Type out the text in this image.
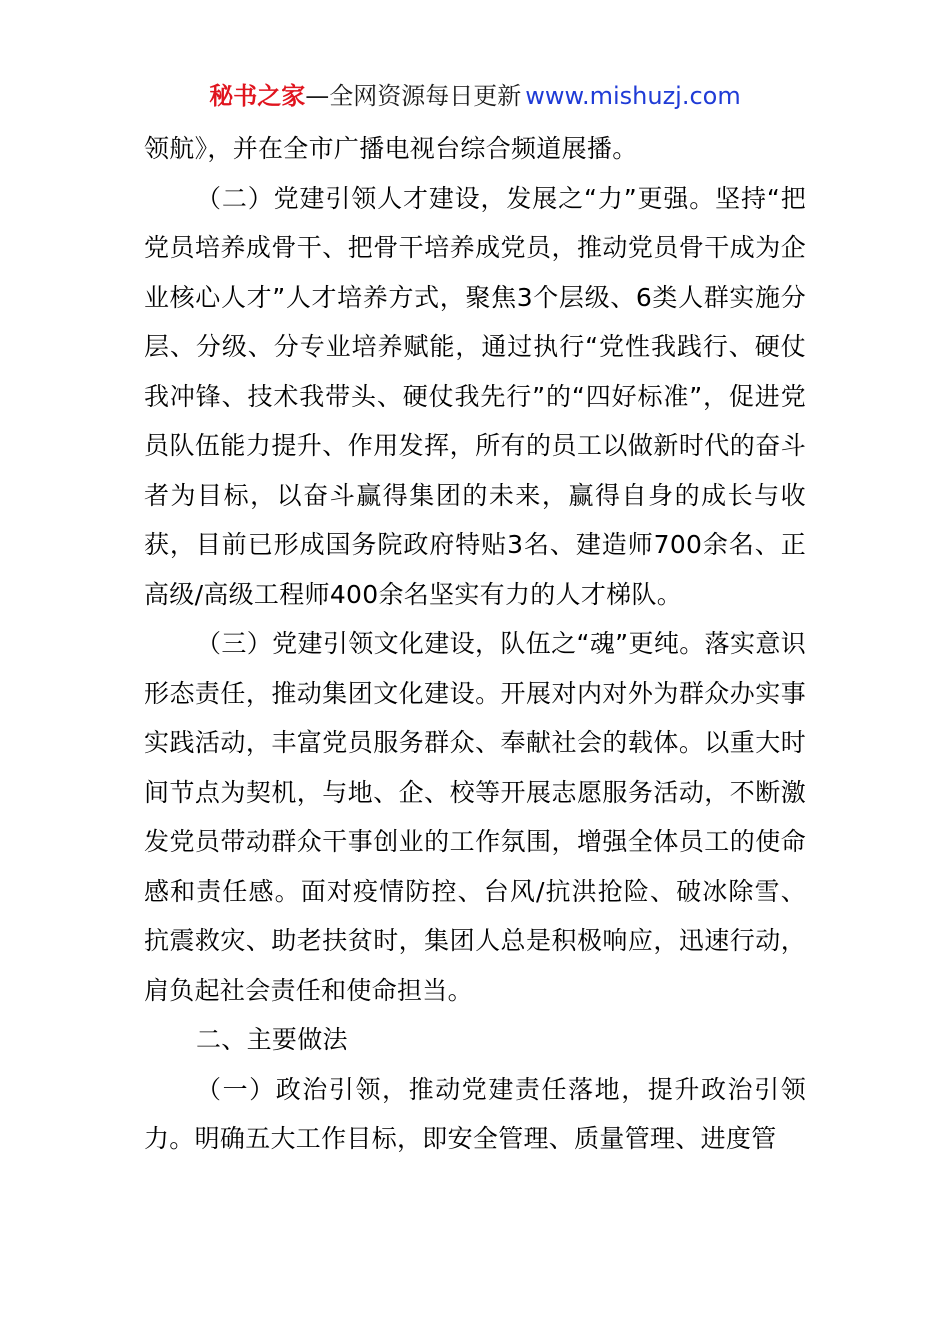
秘书之家—全网资源每日更新 www.mishuzj.com

领航》，并在全市广播电视台综合频道展播。

（二）党建引领人才建设，发展之“力”更强。坚持“把党员培养成骨干、把骨干培养成党员，推动党员骨干成为企业核心人才”人才培养方式，聚焦3个层级、6类人群实施分层、分级、分专业培养赋能，通过执行“党性我践行、硬仗我冲锋、技术我带头、硬仗我先行”的“四好标准”，促进党员队伍能力提升、作用发挥，所有的员工以做新时代的奋斗者为目标，以奋斗赢得集团的未来，赢得自身的成长与收获，目前已形成国务院政府特贴3名、建造师700余名、正高级/高级工程师400余名坚实有力的人才梯队。

（三）党建引领文化建设，队伍之“魂”更纯。落实意识形态责任，推动集团文化建设。开展对内对外为群众办实事实践活动，丰富党员服务群众、奉献社会的载体。以重大时间节点为契机，与地、企、校等开展志愿服务活动，不断激发党员带动群众干事创业的工作氛围，增强全体员工的使命感和责任感。面对疫情防控、台风/抗洪抢险、破冰除雪、抗震救灾、助老扶贫时，集团人总是积极响应，迅速行动，肩负起社会责任和使命担当。

二、主要做法

（一）政治引领，推动党建责任落地，提升政治引领力。明确五大工作目标，即安全管理、质量管理、进度管
